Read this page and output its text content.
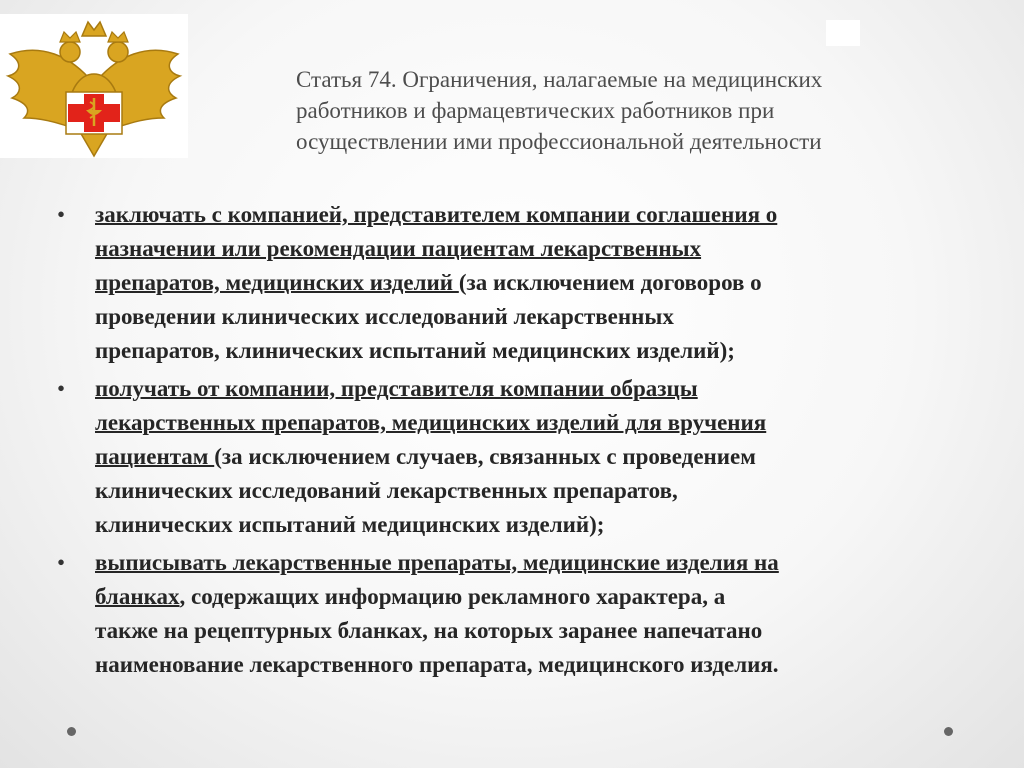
Статья 74. Ограничения, налагаемые на медицинских
работников и фармацевтических работников при
осуществлении ими профессиональной деятельности
• заключать с компанией, представителем компании соглашения о
назначении или рекомендации пациентам лекарственных
препаратов, медицинских изделий (за исключением договоров о
проведении клинических исследований лекарственных
препаратов, клинических испытаний медицинских изделий);
• получать от компании, представителя компании образцы
лекарственных препаратов, медицинских изделий для вручения
пациентам (за исключением случаев, связанных с проведением
клинических исследований лекарственных препаратов,
клинических испытаний медицинских изделий);
• выписывать лекарственные препараты, медицинские изделия на
бланках, содержащих информацию рекламного характера, а
также на рецептурных бланках, на которых заранее напечатано
наименование лекарственного препарата, медицинского изделия.
